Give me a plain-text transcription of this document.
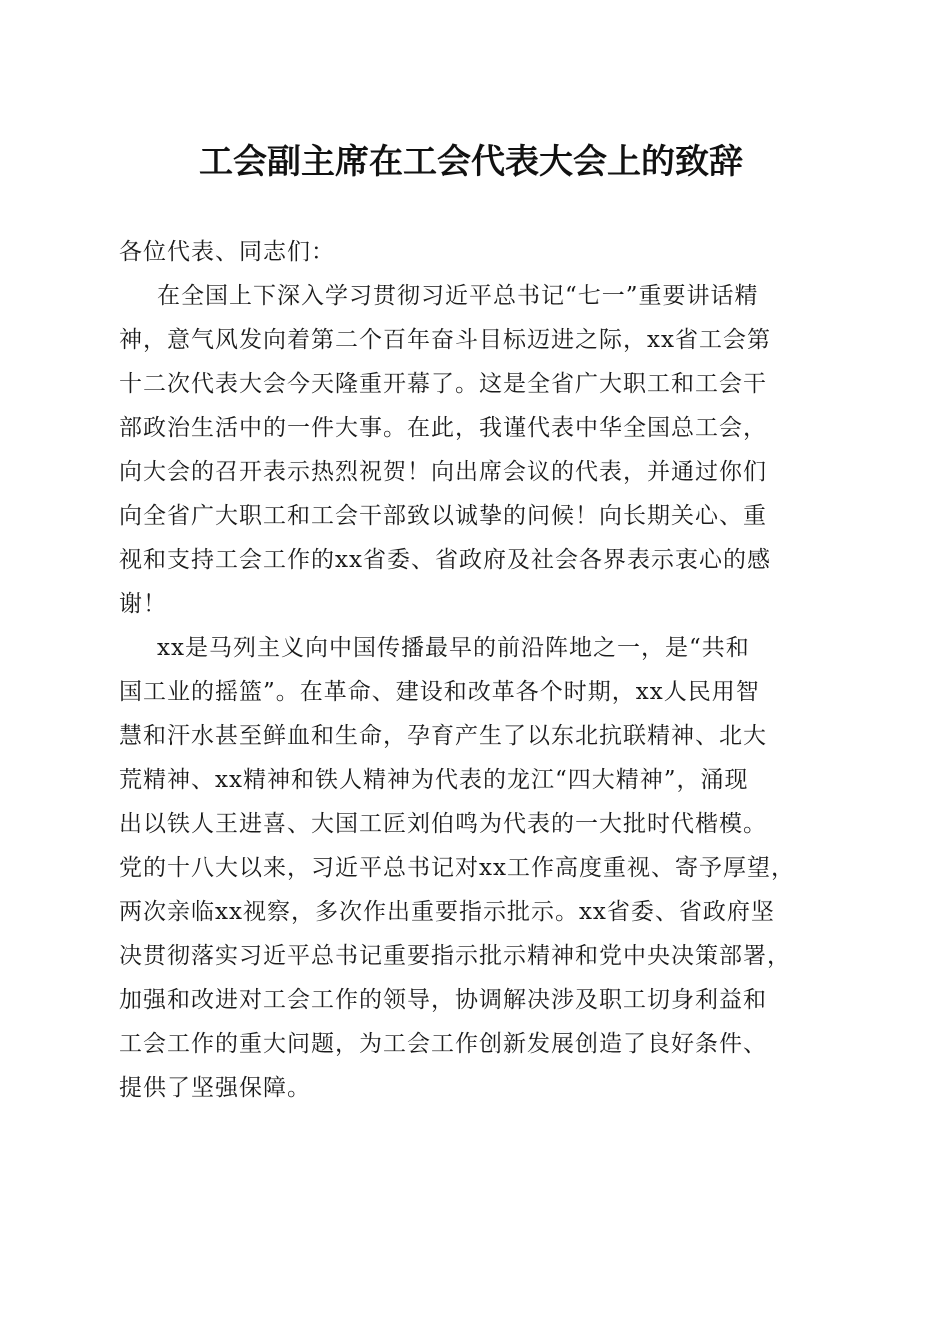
工会副主席在工会代表大会上的致辞

各位代表、同志们：

在全国上下深入学习贯彻习近平总书记“七一”重要讲话精
神，意气风发向着第二个百年奋斗目标迈进之际，xx省工会第
十二次代表大会今天隆重开幕了。这是全省广大职工和工会干
部政治生活中的一件大事。在此，我谨代表中华全国总工会，
向大会的召开表示热烈祝贺！向出席会议的代表，并通过你们
向全省广大职工和工会干部致以诚挚的问候！向长期关心、重
视和支持工会工作的xx省委、省政府及社会各界表示衷心的感
谢！
xx是马列主义向中国传播最早的前沿阵地之一，是“共和
国工业的摇篮”。在革命、建设和改革各个时期，xx人民用智
慧和汗水甚至鲜血和生命，孕育产生了以东北抗联精神、北大
荒精神、xx精神和铁人精神为代表的龙江“四大精神”，涌现
出以铁人王进喜、大国工匠刘伯鸣为代表的一大批时代楷模。
党的十八大以来，习近平总书记对xx工作高度重视、寄予厚望，
两次亲临xx视察，多次作出重要指示批示。xx省委、省政府坚
决贯彻落实习近平总书记重要指示批示精神和党中央决策部署，
加强和改进对工会工作的领导，协调解决涉及职工切身利益和
工会工作的重大问题，为工会工作创新发展创造了良好条件、
提供了坚强保障。
